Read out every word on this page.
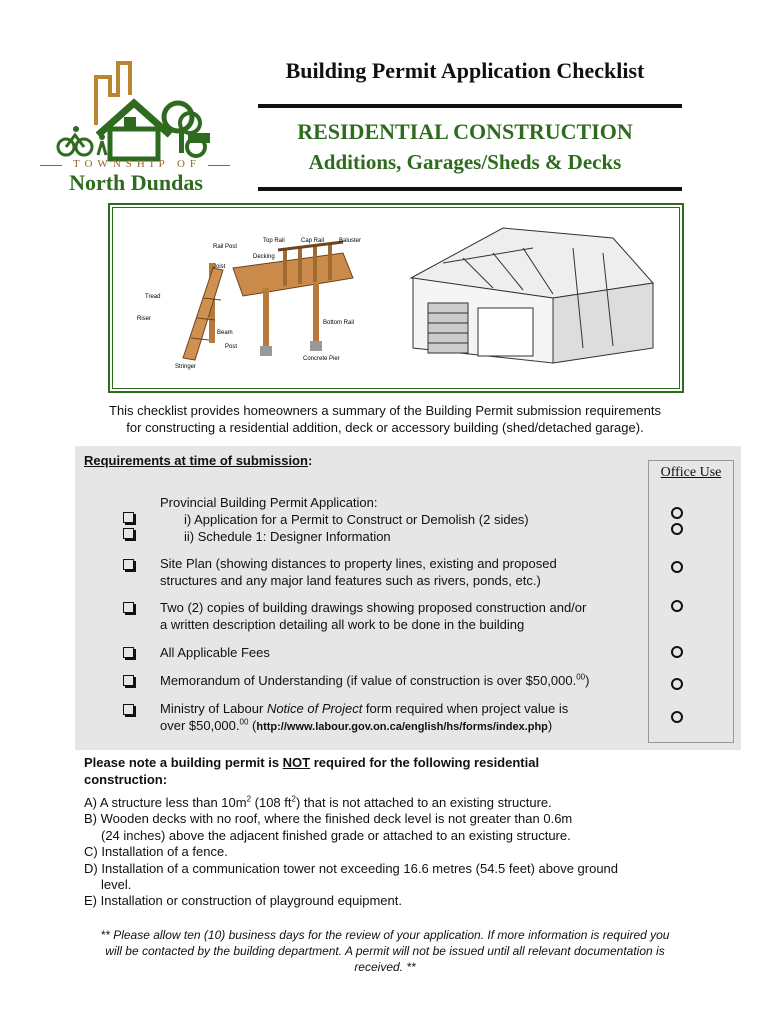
TOWNSHIP OF
North Dundas
Building Permit Application Checklist
RESIDENTIAL CONSTRUCTION
Additions, Garages/Sheds & Decks
Top Rail	Cap Rail Baluster
Rail Post
Decking
Joist
Tread
Riser
Beam
Bottom Rail
Post
Concrete Pier
Stringer
This checklist provides homeowners a summary of the Building Permit submission requirements
for constructing a residential addition, deck or accessory building (shed/detached garage).
Requirements at time of submission:
Office Use
Provincial Building Permit Application:
i) Application for a Permit to Construct or Demolish (2 sides)
ii) Schedule 1: Designer Information
Site Plan (showing distances to property lines, existing and proposed
structures and any major land features such as rivers, ponds, etc.)
Two (2) copies of building drawings showing proposed construction and/or
a written description detailing all work to be done in the building
All Applicable Fees
Memorandum of Understanding (if value of construction is over $50,000.00)
Ministry of Labour Notice of Project form required when project value is
over $50,000.00 (http://www.labour.gov.on.ca/english/hs/forms/index.php)
Please note a building permit is NOT required for the following residential
construction:
A) A structure less than $10m^2$ (108 $ft^2$) that is not attached to an existing structure.
B) Wooden decks with no roof, where the finished deck level is not greater than 0.6m
(24 inches) above the adjacent finished grade or attached to an existing structure.
C) Installation of a fence.
D) Installation of a communication tower not exceeding 16.6 metres (54.5 feet) above ground
level.
E) Installation or construction of playground equipment.
** Please allow ten (10) business days for the review of your application. If more information is required you
will be contacted by the building department. A permit will not be issued until all relevant documentation is
received. **
